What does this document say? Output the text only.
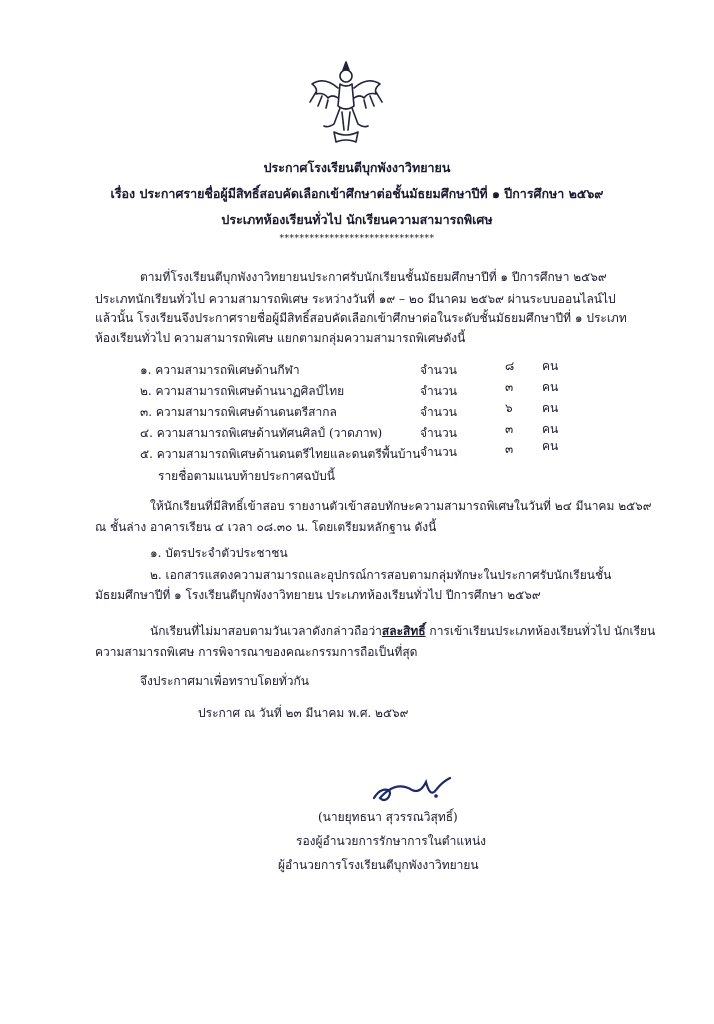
ประกาศโรงเรียนตีบุกพังงาวิทยายน
เรื่อง ประกาศรายชื่อผู้มีสิทธิ์สอบคัดเลือกเข้าศึกษาต่อชั้นมัธยมศึกษาปีที่ ๑ ปีการศึกษา ๒๕๖๙
ประเภทห้องเรียนทั่วไป นักเรียนความสามารถพิเศษ
*******************************
ตามที่โรงเรียนตีบุกพังงาวิทยายนประกาศรับนักเรียนชั้นมัธยมศึกษาปีที่ ๑ ปีการศึกษา ๒๕๖๙
ประเภทนักเรียนทั่วไป ความสามารถพิเศษ ระหว่างวันที่ ๑๙ – ๒๐ มีนาคม ๒๕๖๙ ผ่านระบบออนไลน์ไป
แล้วนั้น โรงเรียนจึงประกาศรายชื่อผู้มีสิทธิ์สอบคัดเลือกเข้าศึกษาต่อในระดับชั้นมัธยมศึกษาปีที่ ๑ ประเภท
ห้องเรียนทั่วไป ความสามารถพิเศษ แยกตามกลุ่มความสามารถพิเศษดังนี้
๑. ความสามารถพิเศษด้านกีฬา	จำนวน	๘ คน
๒. ความสามารถพิเศษด้านนาฏศิลป์ไทย	จำนวน	๓ คน
๓. ความสามารถพิเศษด้านดนตรีสากล	จำนวน	๖ คน
๔. ความสามารถพิเศษด้านทัศนศิลป์ (วาดภาพ)	จำนวน	๓ คน
๕. ความสามารถพิเศษด้านดนตรีไทยและดนตรีพื้นบ้าน จำนวน	๓ คน
รายชื่อตามแนบท้ายประกาศฉบับนี้
ให้นักเรียนที่มีสิทธิ์เข้าสอบ รายงานตัวเข้าสอบทักษะความสามารถพิเศษในวันที่ ๒๔ มีนาคม ๒๕๖๙
ณ ชั้นล่าง อาคารเรียน ๔ เวลา ๐๘.๓๐ น. โดยเตรียมหลักฐาน ดังนี้
๑. บัตรประจำตัวประชาชน
๒. เอกสารแสดงความสามารถและอุปกรณ์การสอบตามกลุ่มทักษะในประกาศรับนักเรียนชั้น
มัธยมศึกษาปีที่ ๑ โรงเรียนตีบุกพังงาวิทยายน ประเภทห้องเรียนทั่วไป ปีการศึกษา ๒๕๖๙
นักเรียนที่ไม่มาสอบตามวันเวลาดังกล่าวถือว่าสละสิทธิ์ การเข้าเรียนประเภทห้องเรียนทั่วไป นักเรียน
ความสามารถพิเศษ การพิจารณาของคณะกรรมการถือเป็นที่สุด
จึงประกาศมาเพื่อทราบโดยทั่วกัน
ประกาศ ณ วันที่ ๒๓ มีนาคม พ.ศ. ๒๕๖๙
(นายยุทธนา สุวรรณวิสุทธิ์)
รองผู้อำนวยการรักษาการในตำแหน่ง
ผู้อำนวยการโรงเรียนตีบุกพังงาวิทยายน
